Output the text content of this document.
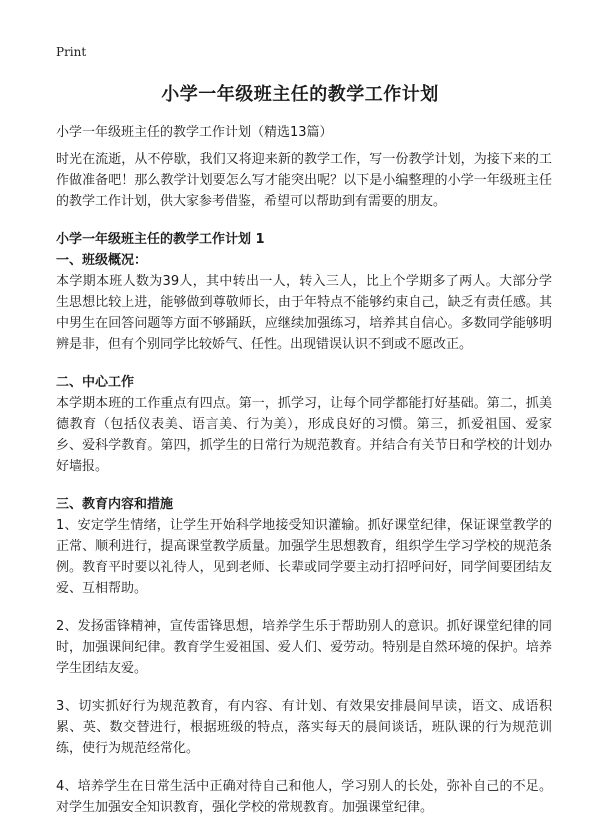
Print
小学一年级班主任的教学工作计划
小学一年级班主任的教学工作计划（精选13篇）

时光在流逝，从不停歇，我们又将迎来新的教学工作，写一份教学计划，为接下来的工作做准备吧！那么教学计划要怎么写才能突出呢？以下是小编整理的小学一年级班主任的教学工作计划，供大家参考借鉴，希望可以帮助到有需要的朋友。

小学一年级班主任的教学工作计划 1

一、班级概况：

本学期本班人数为39人，其中转出一人，转入三人，比上个学期多了两人。大部分学生思想比较上进，能够做到尊敬师长，由于年特点不能够约束自己，缺乏有责任感。其中男生在回答问题等方面不够踊跃，应继续加强练习，培养其自信心。多数同学能够明辨是非，但有个别同学比较娇气、任性。出现错误认识不到或不愿改正。

二、中心工作

本学期本班的工作重点有四点。第一，抓学习，让每个同学都能打好基础。第二，抓美德教育（包括仪表美、语言美、行为美），形成良好的习惯。第三，抓爱祖国、爱家乡、爱科学教育。第四，抓学生的日常行为规范教育。并结合有关节日和学校的计划办好墙报。

三、教育内容和措施

1、安定学生情绪，让学生开始科学地接受知识灌输。抓好课堂纪律，保证课堂教学的正常、顺利进行，提高课堂教学质量。加强学生思想教育，组织学生学习学校的规范条例。教育平时要以礼待人，见到老师、长辈或同学要主动打招呼问好，同学间要团结友爱、互相帮助。

2、发扬雷锋精神，宣传雷锋思想，培养学生乐于帮助别人的意识。抓好课堂纪律的同时，加强课间纪律。教育学生爱祖国、爱人们、爱劳动。特别是自然环境的保护。培养学生团结友爱。

3、切实抓好行为规范教育，有内容、有计划、有效果安排晨间早读，语文、成语积累、英、数交替进行，根据班级的特点，落实每天的晨间谈话，班队课的行为规范训练，使行为规范经常化。

4、培养学生在日常生活中正确对待自己和他人，学习别人的长处，弥补自己的不足。对学生加强安全知识教育，强化学校的常规教育。加强课堂纪律。
